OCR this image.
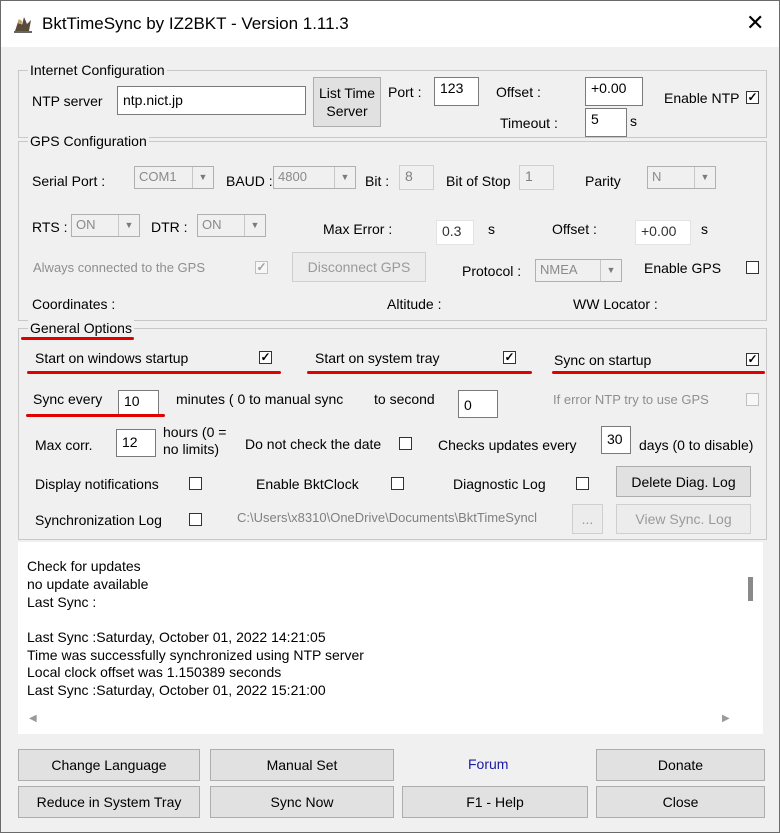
BktTimeSync by IZ2BKT - Version 1.11.3	✕
Internet Configuration
NTP server	ntp.nict.jp	List Time
Server
Port :	123	Offset :	+0.00
Timeout :	5	s
Enable NTP ✓
GPS Configuration
Serial Port :	COM1	▼	BAUD : 4800	▼	Bit :	8	Bit of Stop	1	Parity	N	▼
RTS : ON	▼	DTR :	ON	▼	Max Error :	0.3	s	Offset :	+0.00	s
Always connected to the GPS	✓	Disconnect GPS	Protocol :	NMEA	▼	Enable GPS
Coordinates :	Altitude :	WW Locator :
General Options
Start on windows startup	✓	Start on system tray	✓	Sync on startup	✓
Sync every	10	minutes ( 0 to manual sync to second	0	If error NTP try to use GPS
Max corr.	12
hours (0 =
no limits)	Do not check the date	Checks updates every	30	days (0 to disable)
Display notifications	Enable BktClock	Diagnostic Log	Delete Diag. Log
Synchronization Log	C:\Users\x8310\OneDrive\Documents\BktTimeSyncl	...	View Sync. Log
Check for updates
no update available
Last Sync :
Last Sync :Saturday, October 01, 2022 14:21:05
Time was successfully synchronized using NTP server
Local clock offset was 1.150389 seconds
Last Sync :Saturday, October 01, 2022 15:21:00
◀	▶
Change Language	Manual Set	Forum	Donate
Reduce in System Tray	Sync Now	F1 - Help	Close
